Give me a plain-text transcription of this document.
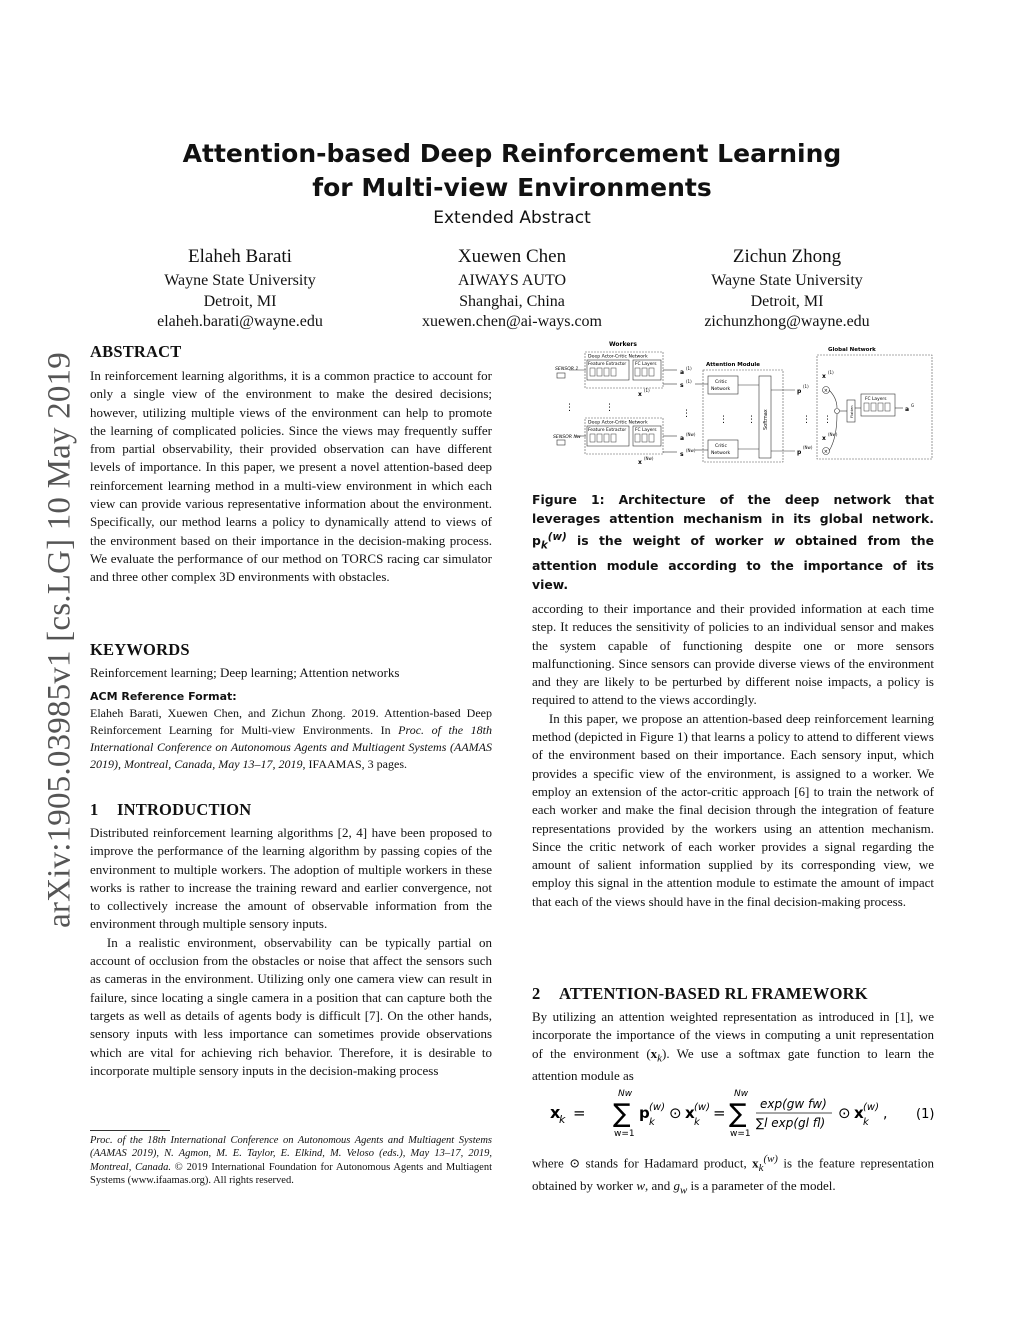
arXiv:1905.03985v1 [cs.LG] 10 May 2019
Attention-based Deep Reinforcement Learning
for Multi-view Environments
Extended Abstract
Elaheh Barati
Wayne State University
Detroit, MI
elaheh.barati@wayne.edu
Xuewen Chen
AIWAYS AUTO
Shanghai, China
xuewen.chen@ai-ways.com
Zichun Zhong
Wayne State University
Detroit, MI
zichunzhong@wayne.edu
ABSTRACT

In reinforcement learning algorithms, it is a common practice to account for only a single view of the environment to make the desired decisions; however, utilizing multiple views of the environment can help to promote the learning of complicated policies. Since the views may frequently suffer from partial observability, their provided observation can have different levels of importance. In this paper, we present a novel attention-based deep reinforcement learning method in a multi-view environment in which each view can provide various representative information about the environment. Specifically, our method learns a policy to dynamically attend to views of the environment based on their importance in the decision-making process. We evaluate the performance of our method on TORCS racing car simulator and three other complex 3D environments with obstacles.

KEYWORDS
Reinforcement learning; Deep learning; Attention networks
ACM Reference Format:
Elaheh Barati, Xuewen Chen, and Zichun Zhong. 2019. Attention-based Deep Reinforcement Learning for Multi-view Environments. In Proc. of the 18th International Conference on Autonomous Agents and Multiagent Systems (AAMAS 2019), Montreal, Canada, May 13–17, 2019, IFAAMAS, 3 pages.
1 INTRODUCTION

Distributed reinforcement learning algorithms [2, 4] have been proposed to improve the performance of the learning algorithm by passing copies of the environment to multiple workers. The adoption of multiple workers in these works is rather to increase the training reward and earlier convergence, not to collectively increase the amount of observable information from the environment through multiple sensory inputs.

In a realistic environment, observability can be typically partial on account of occlusion from the obstacles or noise that affect the sensors such as cameras in the environment. Utilizing only one camera view can result in failure, since locating a single camera in a position that can capture both the targets as well as details of agents body is difficult [7]. On the other hands, sensory inputs with less importance can sometimes provide observations which are vital for achieving rich behavior. Therefore, it is desirable to incorporate multiple sensory inputs in the decision-making process

Proc. of the 18th International Conference on Autonomous Agents and Multiagent Systems (AAMAS 2019), N. Agmon, M. E. Taylor, E. Elkind, M. Veloso (eds.), May 13–17, 2019, Montreal, Canada. © 2019 International Foundation for Autonomous Agents and Multiagent Systems (www.ifaamas.org). All rights reserved.
Workers
Deep Actor-Critic Network
SENSOR 1
Feature Extractor FC Layers
x
(1)
a
(1)
s
(1)
⋮	⋮
⋮
Deep Actor-Critic Network
SENSOR Nw
Feature Extractor FC Layers
x
(Nw)
a
(Nw)
s
(Nw)
Attention Module
Critic
Network
⋮ ⋮
Critic
Network
Softmax
p
(1)
p
(Nw)
⋮
Global Network
x
(1)
×
x
(Nw)
×
⋮
Flatten
FC Layers
a
G
Figure 1: Architecture of the deep network that leverages attention mechanism in its global network. $p_k^{(w)}$ is the weight of worker w obtained from the attention module according to the importance of its view.

according to their importance and their provided information at each time step. It reduces the sensitivity of policies to an individual sensor and makes the system capable of functioning despite one or more sensors malfunctioning. Since sensors can provide diverse views of the environment and they are likely to be perturbed by different noise impacts, a policy is required to attend to the views accordingly.

In this paper, we propose an attention-based deep reinforcement learning method (depicted in Figure 1) that learns a policy to attend to different views of the environment based on their importance. Each sensory input, which provides a specific view of the environment, is assigned to a worker. We employ an extension of the actor-critic approach [6] to train the network of each worker and make the final decision through the integration of feature representations provided by the workers using an attention mechanism. Since the critic network of each worker provides a signal regarding the amount of salient information supplied by its corresponding view, we employ this signal in the attention module to estimate the amount of impact that each of the views should have in the final decision-making process.

2 ATTENTION-BASED RL FRAMEWORK

By utilizing an attention weighted representation as introduced in [1], we incorporate the importance of the views in computing a unit representation of the environment $(x_k)$. We use a softmax gate function to learn the attention module as

x
k =
Nw
∑
w=1
p (w)
k
⊙ x (w)
k
=
Nw
∑
w=1
exp(gw fw)
∑l exp(gl fl)
⊙ x (w)
k
, (1)
where ⊙ stands for Hadamard product, $x_k^{(w)}$ is the feature representation obtained by worker w, and $g_w$ is a parameter of the model.
